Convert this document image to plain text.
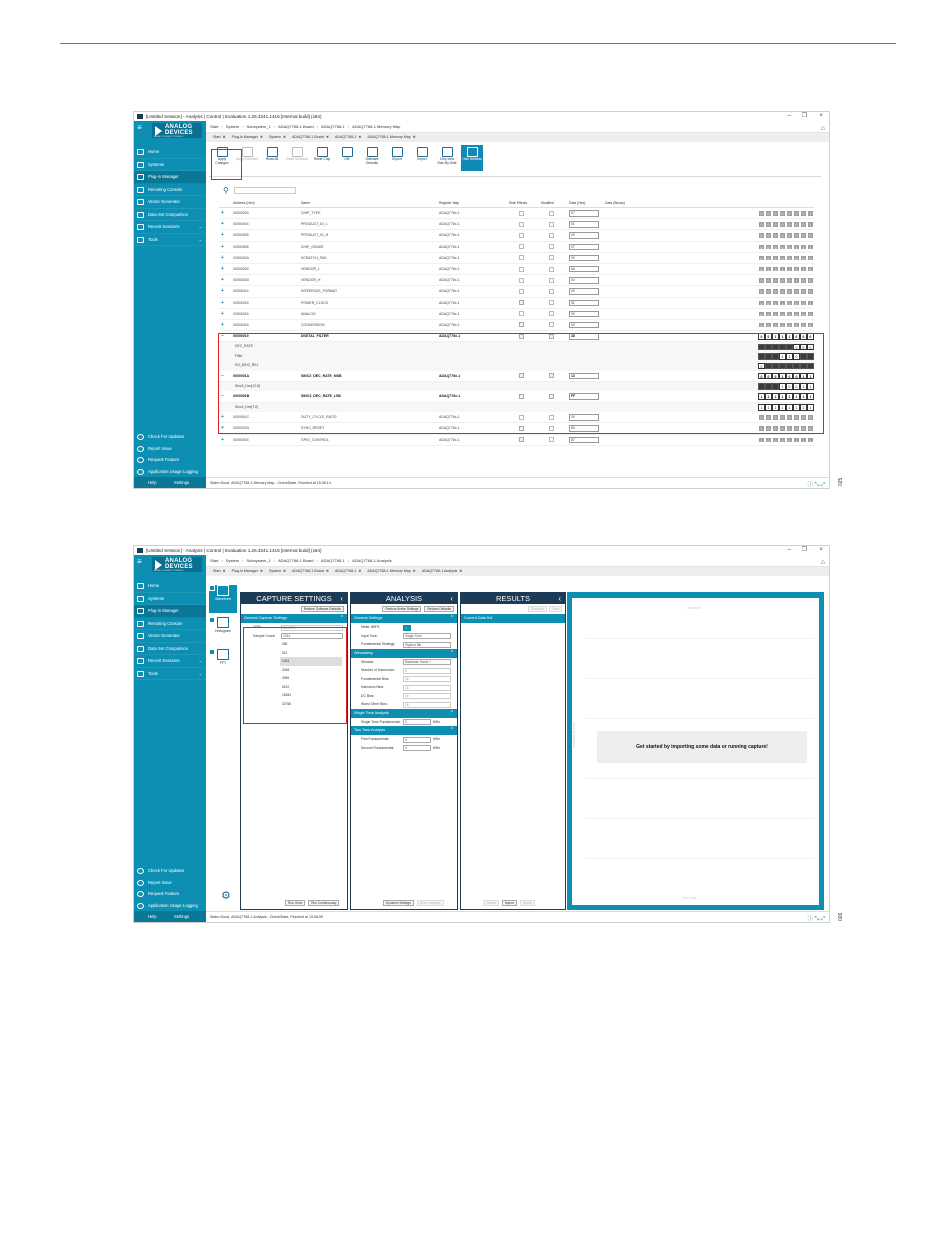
[Untitled Session] - Analysis | Control | Evaluation 1.26.3241.1416 [Internal build] (x64)	– ❐ ×
≡	ANALOG
DEVICES
AHEAD OF WHAT'S POSSIBLE™
Home
Systems
Plug-in Manager
Remoting Console
Vector Generator
Data Set Comparison
Recent Sessions	⌄
Tools	⌄
Check For Updates
Report Issue
Request Feature
Application Usage Logging
Help	Settings
Start › System › Subsystem_1 › ADAQ7768-1 Board › ADAQ7768-1 › ADAQ7768-1 Memory Map	⌂
Start ✕ Plug-in Manager ✕ System ✕ ADAQ7768-1 Board ✕ ADAQ7768-1 ✕ ADAQ7768-1 Memory Map ✕
Apply Changes
Apply Selected	Read All	Read Selected	Reset Chip	Diff	Software Defaults
Export	Import	Chip view Side-By-Side
Hide Bitfields
⚲
Address (Hex)	Name	Register Map	Side Effects	Modified	Data (Hex)	Data (Binary)
+	00000003	CHIP_TYPE	ADAQ776x-1	07	0 0 0 0 0 1 1 1
+	00000004	PRODUCT_ID_L	ADAQ776x-1	01	0 0 0 0 0 0 0 1
+	00000005	PRODUCT_ID_H	ADAQ776x-1	00	0 0 0 0 0 0 0 0
+	00000006	CHIP_GRADE	ADAQ776x-1	07	0 0 0 0 0 1 1 1
+	0000000A	SCRATCH_PAD	ADAQ776x-1	00	0 0 0 0 0 0 0 0
+	0000000C	VENDOR_L	ADAQ776x-1	5A	0 1 0 1 1 0 1 0
+	0000000D	VENDOR_H	ADAQ776x-1	04	0 0 0 0 0 1 0 0
+	00000014	INTERFACE_FORMAT	ADAQ776x-1	00	0 0 0 0 0 0 0 0
+	00000015	POWER_CLOCK	ADAQ776x-1	31	0 0 1 1 0 0 0 1
+	00000016	ANALOG	ADAQ776x-1	00	0 0 0 0 0 0 0 0
+	00000018	CONVERSION	ADAQ776x-1	00	0 0 0 0 0 0 0 0
−	00000019	DIGITAL_FILTER	ADAQ776x-1	38	0 0 1 1 1 0 0 0
DEC_RATE	0 0 0
Filter	1 1 0
EN_60HZ_REJ	0
−	0000001A	SINC3_DEC_RATE_MSB	ADAQ776x-1	13	0 0 0 1 0 0 1 1
Sinc3_Dec[12:8]	1 0 0 1 1
−	0000001B	SINC3_DEC_RATE_LSB	ADAQ776x-1	FF	1 1 1 1 1 1 1 1
Sinc3_Dec[7:0]	1 1 1 1 1 1 1 1
+	0000001C	DUTY_CYCLE_RATIO	ADAQ776x-1	00	0 0 0 0 0 0 0 0
+	0000001D	SYNC_RESET	ADAQ776x-1	80	1 0 0 0 0 0 0 0
+	0000001E	GPIO_CONTROL	ADAQ776x-1	87	1 0 0 0 0 1 1 1
State=Good, ADAQ7768-1 Memory Map - CheckState, Finished at 15:08:14	ⓘ ⤡ ⤢	025
[Untitled Session] - Analysis | Control | Evaluation 1.26.3241.1416 [Internal build] (x64)	– ❐ ×
≡	ANALOG
DEVICES
AHEAD OF WHAT'S POSSIBLE™
Home
Systems
Plug-in Manager
Remoting Console
Vector Generator
Data Set Comparison
Recent Sessions	⌄
Tools	⌄
Check For Updates
Report Issue
Request Feature
Application Usage Logging
Help	Settings
Start › System › Subsystem_1 › ADAQ7768-1 Board › ADAQ7768-1 › ADAQ7768-1 Analysis	⌂
Start ✕ Plug-in Manager ✕ System ✕ ADAQ7768-1 Board ✕ ADAQ7768-1 ✕ ADAQ7768-1 Memory Map ✕ ADAQ7768-1 Analysis ✕
Waveform
Histogram
FFT
⚙
CAPTURE SETTINGS ‹
Restore Software Defaults
General Capture Settings	^
ODR:	32 kSPS
Sample Count:	1024
256
512
1024
2048
4096
8192
16384
32768
Run Once	Run Continuously
ANALYSIS	‹
Restore Active Settings	Restore Defaults
General Settings	^
Meter dBFS:	✓
Input Tone:	Single Tone
Fundamental Strategy:	Highest Bin
Windowing	^
Window:	Blackman Harris 7
Number of Harmonics:	5
Fundamental Bins:	15
Harmonic Bins:	15
DC Bins:	16
Worst Other Bins:	16
Single Tone Analysis	^
Single Tone Fundamental:	0	MHz
Two Tone Analysis	^
First Fundamental:	0	MHz
Second Fundamental:	0	MHz
Dynamic Settings	Reset Analysis
RESULTS	‹
Previous	Next
Current Data Set
Cancel	Import	Export
Waveform
Time (ms)
Amplitude (Codes)	Get started by importing some data or running capture!
State=Good, ADAQ7768-1 Analysis - CheckState, Finished at 15:08:59	ⓘ ⤡ ⤢	026
